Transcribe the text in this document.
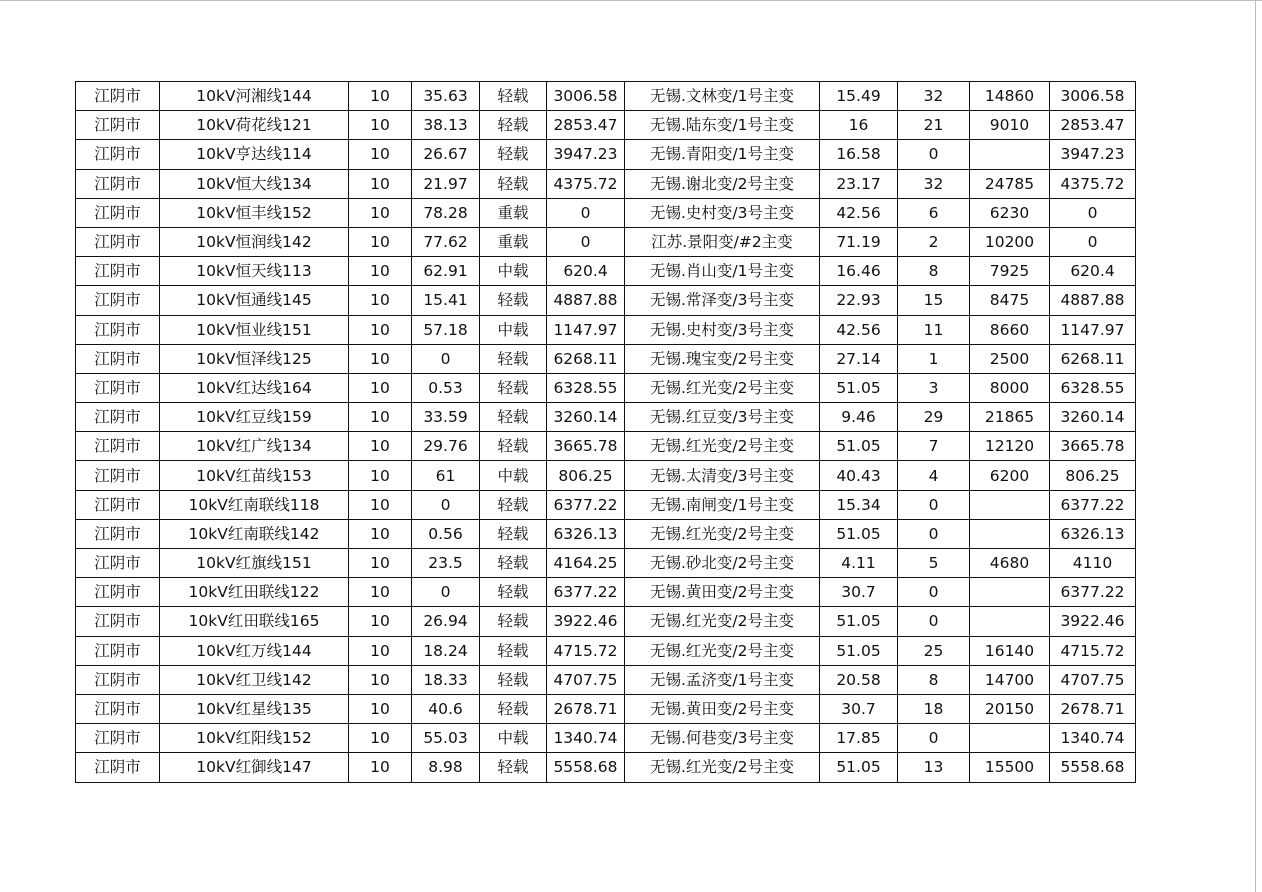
江阴市	10kV河湘线144	10	35.63	轻载	3006.58	无锡.文林变/1号主变	15.49	32	14860	3006.58
江阴市	10kV荷花线121	10	38.13	轻载	2853.47	无锡.陆东变/1号主变	16	21	9010	2853.47
江阴市	10kV亨达线114	10	26.67	轻载	3947.23	无锡.青阳变/1号主变	16.58	0		3947.23
江阴市	10kV恒大线134	10	21.97	轻载	4375.72	无锡.谢北变/2号主变	23.17	32	24785	4375.72
江阴市	10kV恒丰线152	10	78.28	重载	0	无锡.史村变/3号主变	42.56	6	6230	0
江阴市	10kV恒润线142	10	77.62	重载	0	江苏.景阳变/#2主变	71.19	2	10200	0
江阴市	10kV恒天线113	10	62.91	中载	620.4	无锡.肖山变/1号主变	16.46	8	7925	620.4
江阴市	10kV恒通线145	10	15.41	轻载	4887.88	无锡.常泽变/3号主变	22.93	15	8475	4887.88
江阴市	10kV恒业线151	10	57.18	中载	1147.97	无锡.史村变/3号主变	42.56	11	8660	1147.97
江阴市	10kV恒泽线125	10	0	轻载	6268.11	无锡.瑰宝变/2号主变	27.14	1	2500	6268.11
江阴市	10kV红达线164	10	0.53	轻载	6328.55	无锡.红光变/2号主变	51.05	3	8000	6328.55
江阴市	10kV红豆线159	10	33.59	轻载	3260.14	无锡.红豆变/3号主变	9.46	29	21865	3260.14
江阴市	10kV红广线134	10	29.76	轻载	3665.78	无锡.红光变/2号主变	51.05	7	12120	3665.78
江阴市	10kV红苗线153	10	61	中载	806.25	无锡.太清变/3号主变	40.43	4	6200	806.25
江阴市	10kV红南联线118	10	0	轻载	6377.22	无锡.南闸变/1号主变	15.34	0		6377.22
江阴市	10kV红南联线142	10	0.56	轻载	6326.13	无锡.红光变/2号主变	51.05	0		6326.13
江阴市	10kV红旗线151	10	23.5	轻载	4164.25	无锡.砂北变/2号主变	4.11	5	4680	4110
江阴市	10kV红田联线122	10	0	轻载	6377.22	无锡.黄田变/2号主变	30.7	0		6377.22
江阴市	10kV红田联线165	10	26.94	轻载	3922.46	无锡.红光变/2号主变	51.05	0		3922.46
江阴市	10kV红万线144	10	18.24	轻载	4715.72	无锡.红光变/2号主变	51.05	25	16140	4715.72
江阴市	10kV红卫线142	10	18.33	轻载	4707.75	无锡.孟济变/1号主变	20.58	8	14700	4707.75
江阴市	10kV红星线135	10	40.6	轻载	2678.71	无锡.黄田变/2号主变	30.7	18	20150	2678.71
江阴市	10kV红阳线152	10	55.03	中载	1340.74	无锡.何巷变/3号主变	17.85	0		1340.74
江阴市	10kV红御线147	10	8.98	轻载	5558.68	无锡.红光变/2号主变	51.05	13	15500	5558.68
